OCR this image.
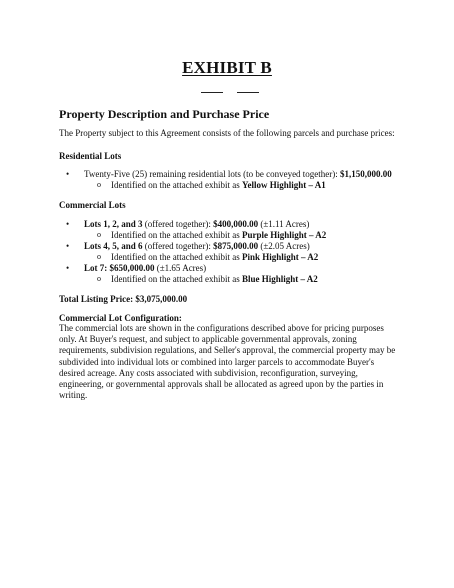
EXHIBIT B
Property Description and Purchase Price
The Property subject to this Agreement consists of the following parcels and purchase prices:
Residential Lots
• Twenty-Five (25) remaining residential lots (to be conveyed together): $1,150,000.00
o Identified on the attached exhibit as Yellow Highlight – A1
Commercial Lots
• Lots 1, 2, and 3 (offered together): $400,000.00 (±1.11 Acres)
o Identified on the attached exhibit as Purple Highlight – A2
• Lots 4, 5, and 6 (offered together): $875,000.00 (±2.05 Acres)
o Identified on the attached exhibit as Pink Highlight – A2
• Lot 7: $650,000.00 (±1.65 Acres)
o Identified on the attached exhibit as Blue Highlight – A2
Total Listing Price: $3,075,000.00
Commercial Lot Configuration:
The commercial lots are shown in the configurations described above for pricing purposes only. At Buyer's request, and subject to applicable governmental approvals, zoning requirements, subdivision regulations, and Seller's approval, the commercial property may be subdivided into individual lots or combined into larger parcels to accommodate Buyer's desired acreage. Any costs associated with subdivision, reconfiguration, surveying, engineering, or governmental approvals shall be allocated as agreed upon by the parties in writing.
